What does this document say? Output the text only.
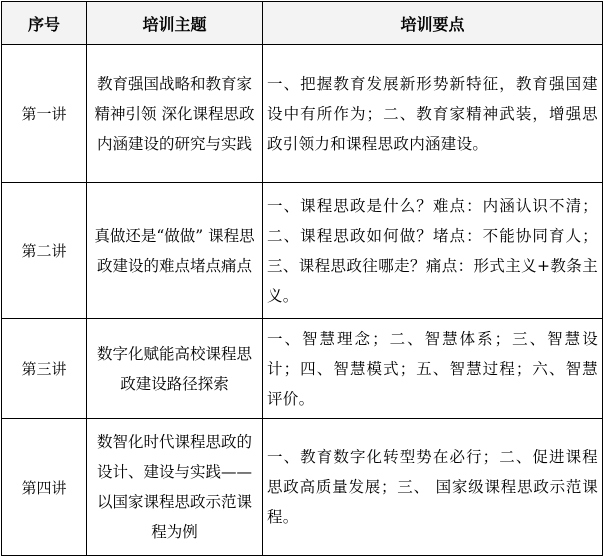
序号	培训主题	培训要点
第一讲	教育强国战略和教育家精神引领 深化课程思政内涵建设的研究与实践	一、把握教育发展新形势新特征，教育强国建设中有所作为；二、教育家精神武装，增强思政引领力和课程思政内涵建设。
第二讲	真做还是“做做” 课程思政建设的难点堵点痛点	一、课程思政是什么？难点：内涵认识不清；二、课程思政如何做？堵点：不能协同育人；三、课程思政往哪走？痛点：形式主义+教条主义。
第三讲	数字化赋能高校课程思政建设路径探索	一、智慧理念；二、智慧体系；三、智慧设计；四、智慧模式；五、智慧过程；六、智慧评价。
第四讲	数智化时代课程思政的设计、建设与实践——以国家课程思政示范课程为例	一、教育数字化转型势在必行；二、促进课程思政高质量发展；三、 国家级课程思政示范课程。
